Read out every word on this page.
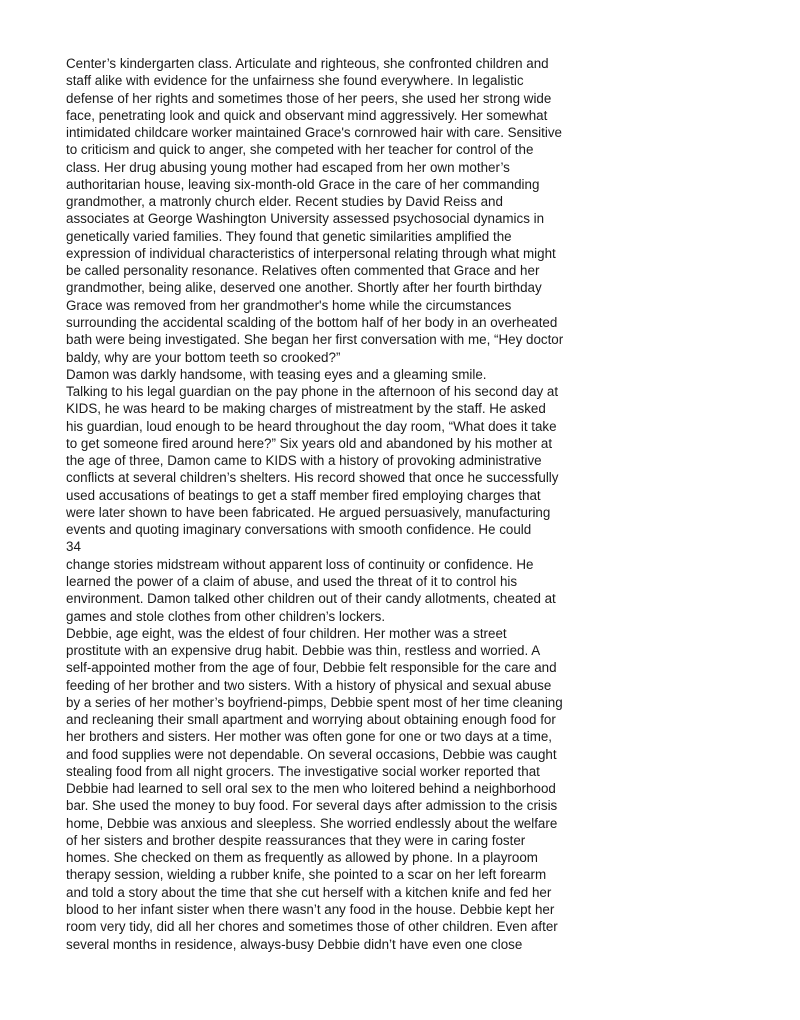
Center’s kindergarten class. Articulate and righteous, she confronted children and
staff alike with evidence for the unfairness she found everywhere. In legalistic
defense of her rights and sometimes those of her peers, she used her strong wide
face, penetrating look and quick and observant mind aggressively. Her somewhat
intimidated childcare worker maintained Grace's cornrowed hair with care. Sensitive
to criticism and quick to anger, she competed with her teacher for control of the
class. Her drug abusing young mother had escaped from her own mother’s
authoritarian house, leaving six-month-old Grace in the care of her commanding
grandmother, a matronly church elder. Recent studies by David Reiss and
associates at George Washington University assessed psychosocial dynamics in
genetically varied families. They found that genetic similarities amplified the
expression of individual characteristics of interpersonal relating through what might
be called personality resonance. Relatives often commented that Grace and her
grandmother, being alike, deserved one another. Shortly after her fourth birthday
Grace was removed from her grandmother's home while the circumstances
surrounding the accidental scalding of the bottom half of her body in an overheated
bath were being investigated. She began her first conversation with me, “Hey doctor
baldy, why are your bottom teeth so crooked?”
Damon was darkly handsome, with teasing eyes and a gleaming smile.
Talking to his legal guardian on the pay phone in the afternoon of his second day at
KIDS, he was heard to be making charges of mistreatment by the staff. He asked
his guardian, loud enough to be heard throughout the day room, “What does it take
to get someone fired around here?” Six years old and abandoned by his mother at
the age of three, Damon came to KIDS with a history of provoking administrative
conflicts at several children’s shelters. His record showed that once he successfully
used accusations of beatings to get a staff member fired employing charges that
were later shown to have been fabricated. He argued persuasively, manufacturing
events and quoting imaginary conversations with smooth confidence. He could
34
change stories midstream without apparent loss of continuity or confidence. He
learned the power of a claim of abuse, and used the threat of it to control his
environment. Damon talked other children out of their candy allotments, cheated at
games and stole clothes from other children’s lockers.
Debbie, age eight, was the eldest of four children. Her mother was a street
prostitute with an expensive drug habit. Debbie was thin, restless and worried. A
self-appointed mother from the age of four, Debbie felt responsible for the care and
feeding of her brother and two sisters. With a history of physical and sexual abuse
by a series of her mother’s boyfriend-pimps, Debbie spent most of her time cleaning
and recleaning their small apartment and worrying about obtaining enough food for
her brothers and sisters. Her mother was often gone for one or two days at a time,
and food supplies were not dependable. On several occasions, Debbie was caught
stealing food from all night grocers. The investigative social worker reported that
Debbie had learned to sell oral sex to the men who loitered behind a neighborhood
bar. She used the money to buy food. For several days after admission to the crisis
home, Debbie was anxious and sleepless. She worried endlessly about the welfare
of her sisters and brother despite reassurances that they were in caring foster
homes. She checked on them as frequently as allowed by phone. In a playroom
therapy session, wielding a rubber knife, she pointed to a scar on her left forearm
and told a story about the time that she cut herself with a kitchen knife and fed her
blood to her infant sister when there wasn’t any food in the house. Debbie kept her
room very tidy, did all her chores and sometimes those of other children. Even after
several months in residence, always-busy Debbie didn’t have even one close
